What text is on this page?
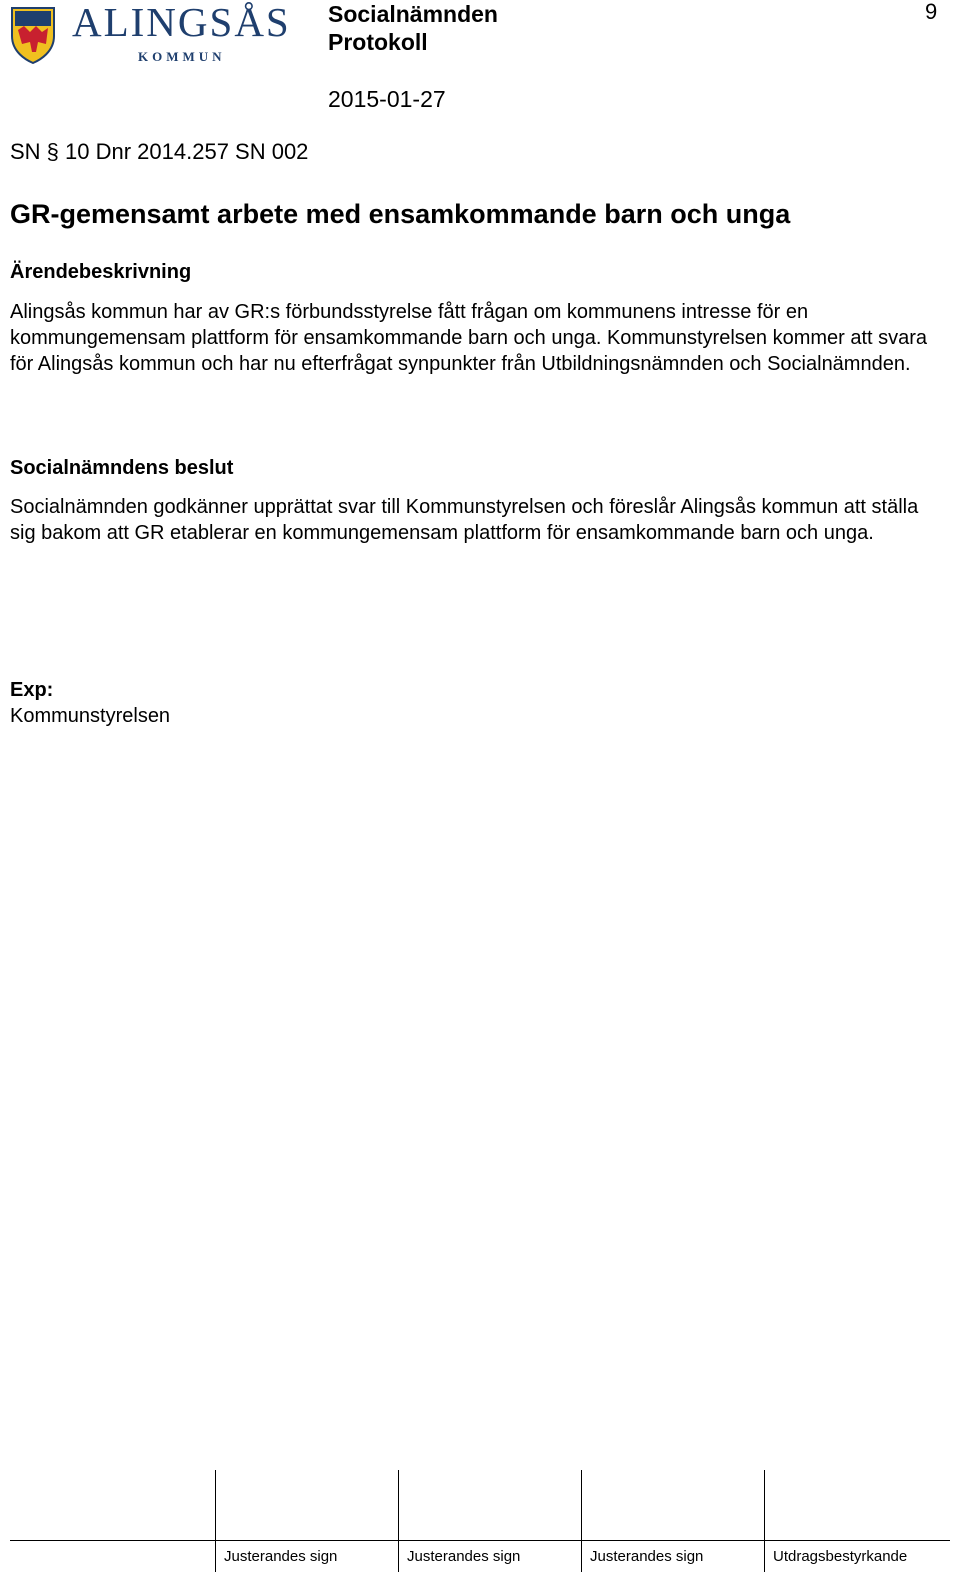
ALINGSÅS
KOMMUN
Socialnämnden
Protokoll
2015-01-27
9
SN § 10 Dnr 2014.257 SN 002
GR-gemensamt arbete med ensamkommande barn och unga
Ärendebeskrivning
Alingsås kommun har av GR:s förbundsstyrelse fått frågan om kommunens intresse för en kommungemensam plattform för ensamkommande barn och unga. Kommunstyrelsen kommer att svara för Alingsås kommun och har nu efterfrågat synpunkter från Utbildningsnämnden och Socialnämnden.
Socialnämndens beslut
Socialnämnden godkänner upprättat svar till Kommunstyrelsen och föreslår Alingsås kommun att ställa sig bakom att GR etablerar en kommungemensam plattform för ensamkommande barn och unga.
Exp:
Kommunstyrelsen
Justerandes sign	Justerandes sign	Justerandes sign	Utdragsbestyrkande
